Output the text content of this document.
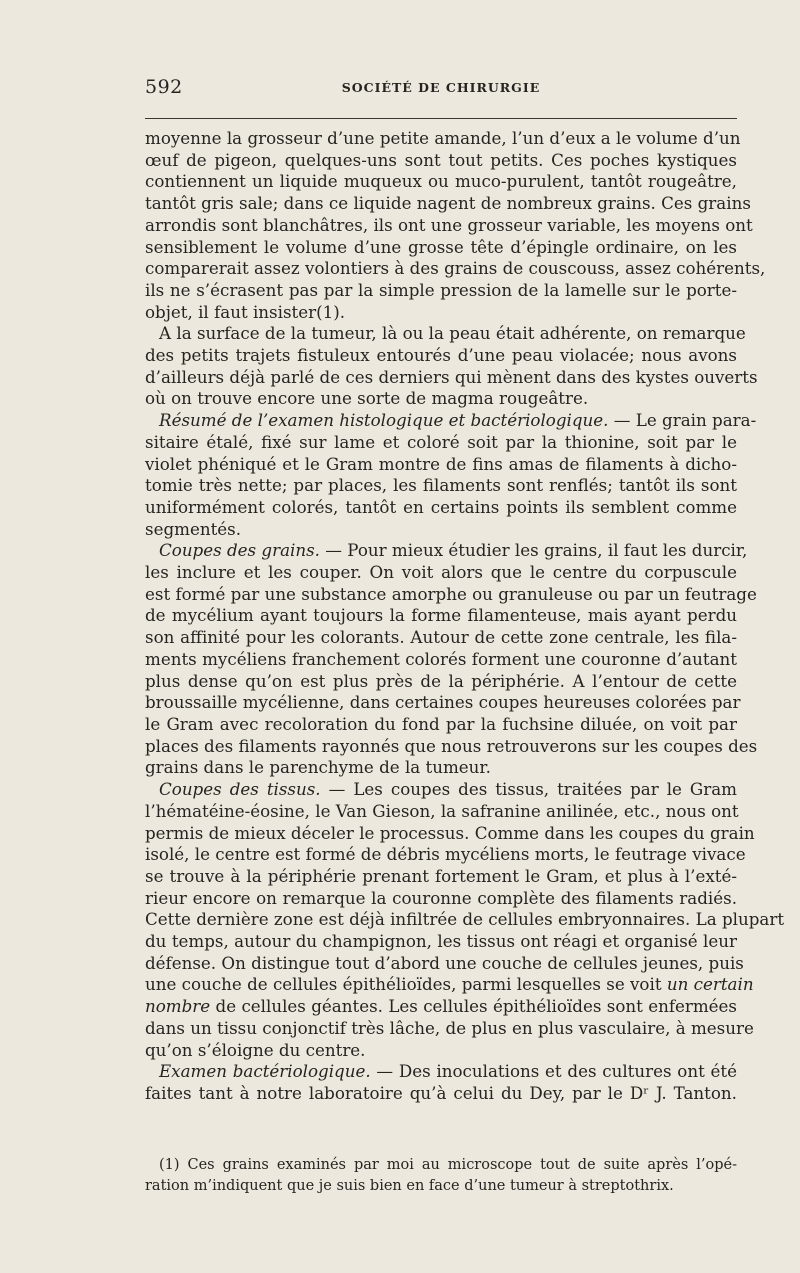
592	SOCIÉTÉ DE CHIRURGIE
moyenne la grosseur d’une petite amande, l’un d’eux a le volume d’un
œuf de pigeon, quelques-uns sont tout petits. Ces poches kystiques
contiennent un liquide muqueux ou muco-purulent, tantôt rougeâtre,
tantôt gris sale; dans ce liquide nagent de nombreux grains. Ces grains
arrondis sont blanchâtres, ils ont une grosseur variable, les moyens ont
sensiblement le volume d’une grosse tête d’épingle ordinaire, on les
comparerait assez volontiers à des grains de couscouss, assez cohérents,
ils ne s’écrasent pas par la simple pression de la lamelle sur le porte-
objet, il faut insister(1).
A la surface de la tumeur, là ou la peau était adhérente, on remarque
des petits trajets fistuleux entourés d’une peau violacée; nous avons
d’ailleurs déjà parlé de ces derniers qui mènent dans des kystes ouverts
où on trouve encore une sorte de magma rougeâtre.
Résumé de l’examen histologique et bactériologique. — Le grain para-
sitaire étalé, fixé sur lame et coloré soit par la thionine, soit par le
violet phéniqué et le Gram montre de fins amas de filaments à dicho-
tomie très nette; par places, les filaments sont renflés; tantôt ils sont
uniformément colorés, tantôt en certains points ils semblent comme
segmentés.
Coupes des grains. — Pour mieux étudier les grains, il faut les durcir,
les inclure et les couper. On voit alors que le centre du corpuscule
est formé par une substance amorphe ou granuleuse ou par un feutrage
de mycélium ayant toujours la forme filamenteuse, mais ayant perdu
son affinité pour les colorants. Autour de cette zone centrale, les fila-
ments mycéliens franchement colorés forment une couronne d’autant
plus dense qu’on est plus près de la périphérie. A l’entour de cette
broussaille mycélienne, dans certaines coupes heureuses colorées par
le Gram avec recoloration du fond par la fuchsine diluée, on voit par
places des filaments rayonnés que nous retrouverons sur les coupes des
grains dans le parenchyme de la tumeur.
Coupes des tissus. — Les coupes des tissus, traitées par le Gram
l’hématéine-éosine, le Van Gieson, la safranine anilinée, etc., nous ont
permis de mieux déceler le processus. Comme dans les coupes du grain
isolé, le centre est formé de débris mycéliens morts, le feutrage vivace
se trouve à la périphérie prenant fortement le Gram, et plus à l’exté-
rieur encore on remarque la couronne complète des filaments radiés.
Cette dernière zone est déjà infiltrée de cellules embryonnaires. La plupart
du temps, autour du champignon, les tissus ont réagi et organisé leur
défense. On distingue tout d’abord une couche de cellules jeunes, puis
une couche de cellules épithélioïdes, parmi lesquelles se voit un certain
nombre de cellules géantes. Les cellules épithélioïdes sont enfermées
dans un tissu conjonctif très lâche, de plus en plus vasculaire, à mesure
qu’on s’éloigne du centre.
Examen bactériologique. — Des inoculations et des cultures ont été
faites tant à notre laboratoire qu’à celui du Dey, par le Dʳ J. Tanton.
(1) Ces grains examinés par moi au microscope tout de suite après l’opé-
ration m’indiquent que je suis bien en face d’une tumeur à streptothrix.
